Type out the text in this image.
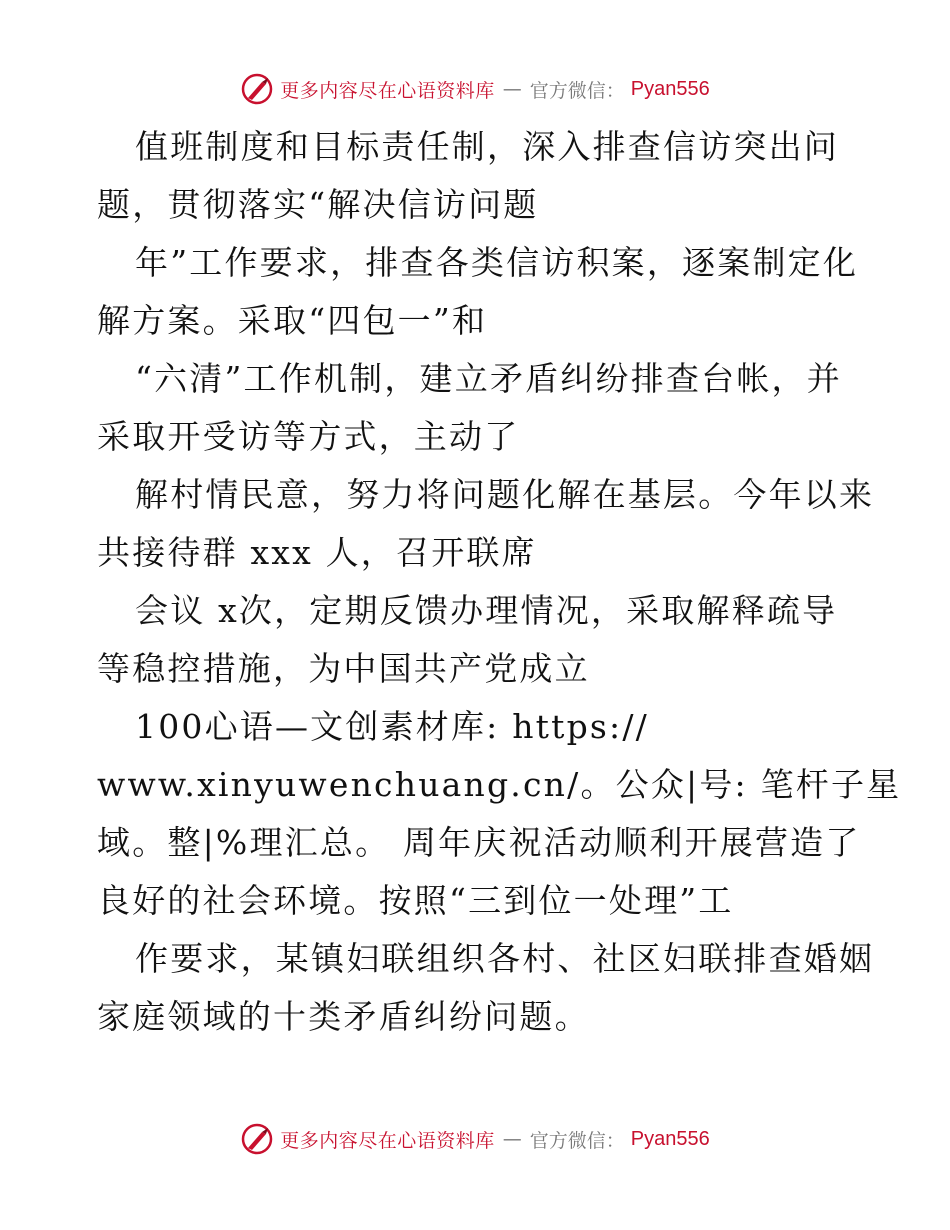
更多内容尽在心语资料库 — 官方微信： Pyan556
值班制度和目标责任制，深入排查信访突出问
题，贯彻落实“解决信访问题
年”工作要求，排查各类信访积案，逐案制定化
解方案。采取“四包一”和
“六清”工作机制，建立矛盾纠纷排查台帐，并
采取开受访等方式，主动了
解村情民意，努力将问题化解在基层。今年以来
共接待群 xxx 人，召开联席
会议 x次，定期反馈办理情况，采取解释疏导
等稳控措施，为中国共产党成立
100心语—文创素材库: https://
www.xinyuwenchuang.cn/。公众|号: 笔杆子星
域。整|%理汇总。 周年庆祝活动顺利开展营造了
良好的社会环境。按照“三到位一处理”工
作要求，某镇妇联组织各村、社区妇联排查婚姻
家庭领域的十类矛盾纠纷问题。
更多内容尽在心语资料库 — 官方微信： Pyan556
